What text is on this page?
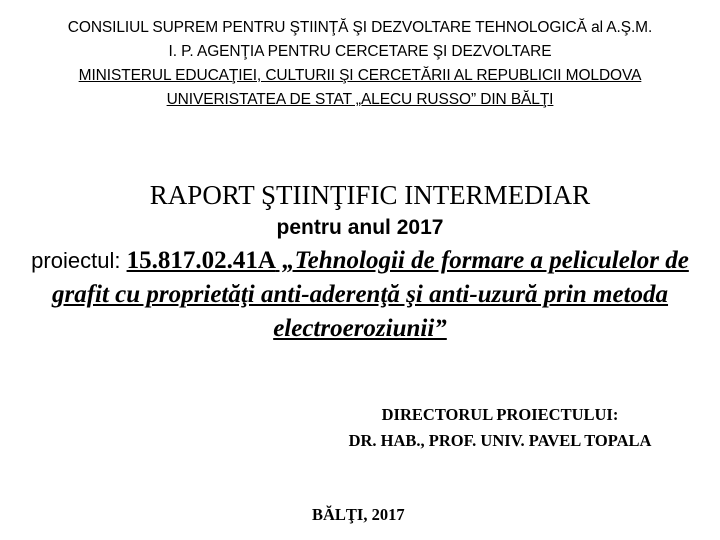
CONSILIUL SUPREM PENTRU ŞTIINŢĂ ŞI DEZVOLTARE TEHNOLOGICĂ al A.Ş.M.
I. P. AGENŢIA PENTRU CERCETARE ŞI DEZVOLTARE
MINISTERUL EDUCAŢIEI, CULTURII ŞI CERCETĂRII AL REPUBLICII MOLDOVA
UNIVERISTATEA DE STAT „ALECU RUSSO” DIN BĂLŢI
RAPORT ŞTIINŢIFIC INTERMEDIAR
pentru anul 2017
proiectul: 15.817.02.41A „Tehnologii de formare a peliculelor de grafit cu proprietăţi anti-aderenţă şi anti-uzură prin metoda electroeroziunii”
DIRECTORUL PROIECTULUI:
DR. HAB., PROF. UNIV. PAVEL TOPALA
BĂLŢI, 2017
